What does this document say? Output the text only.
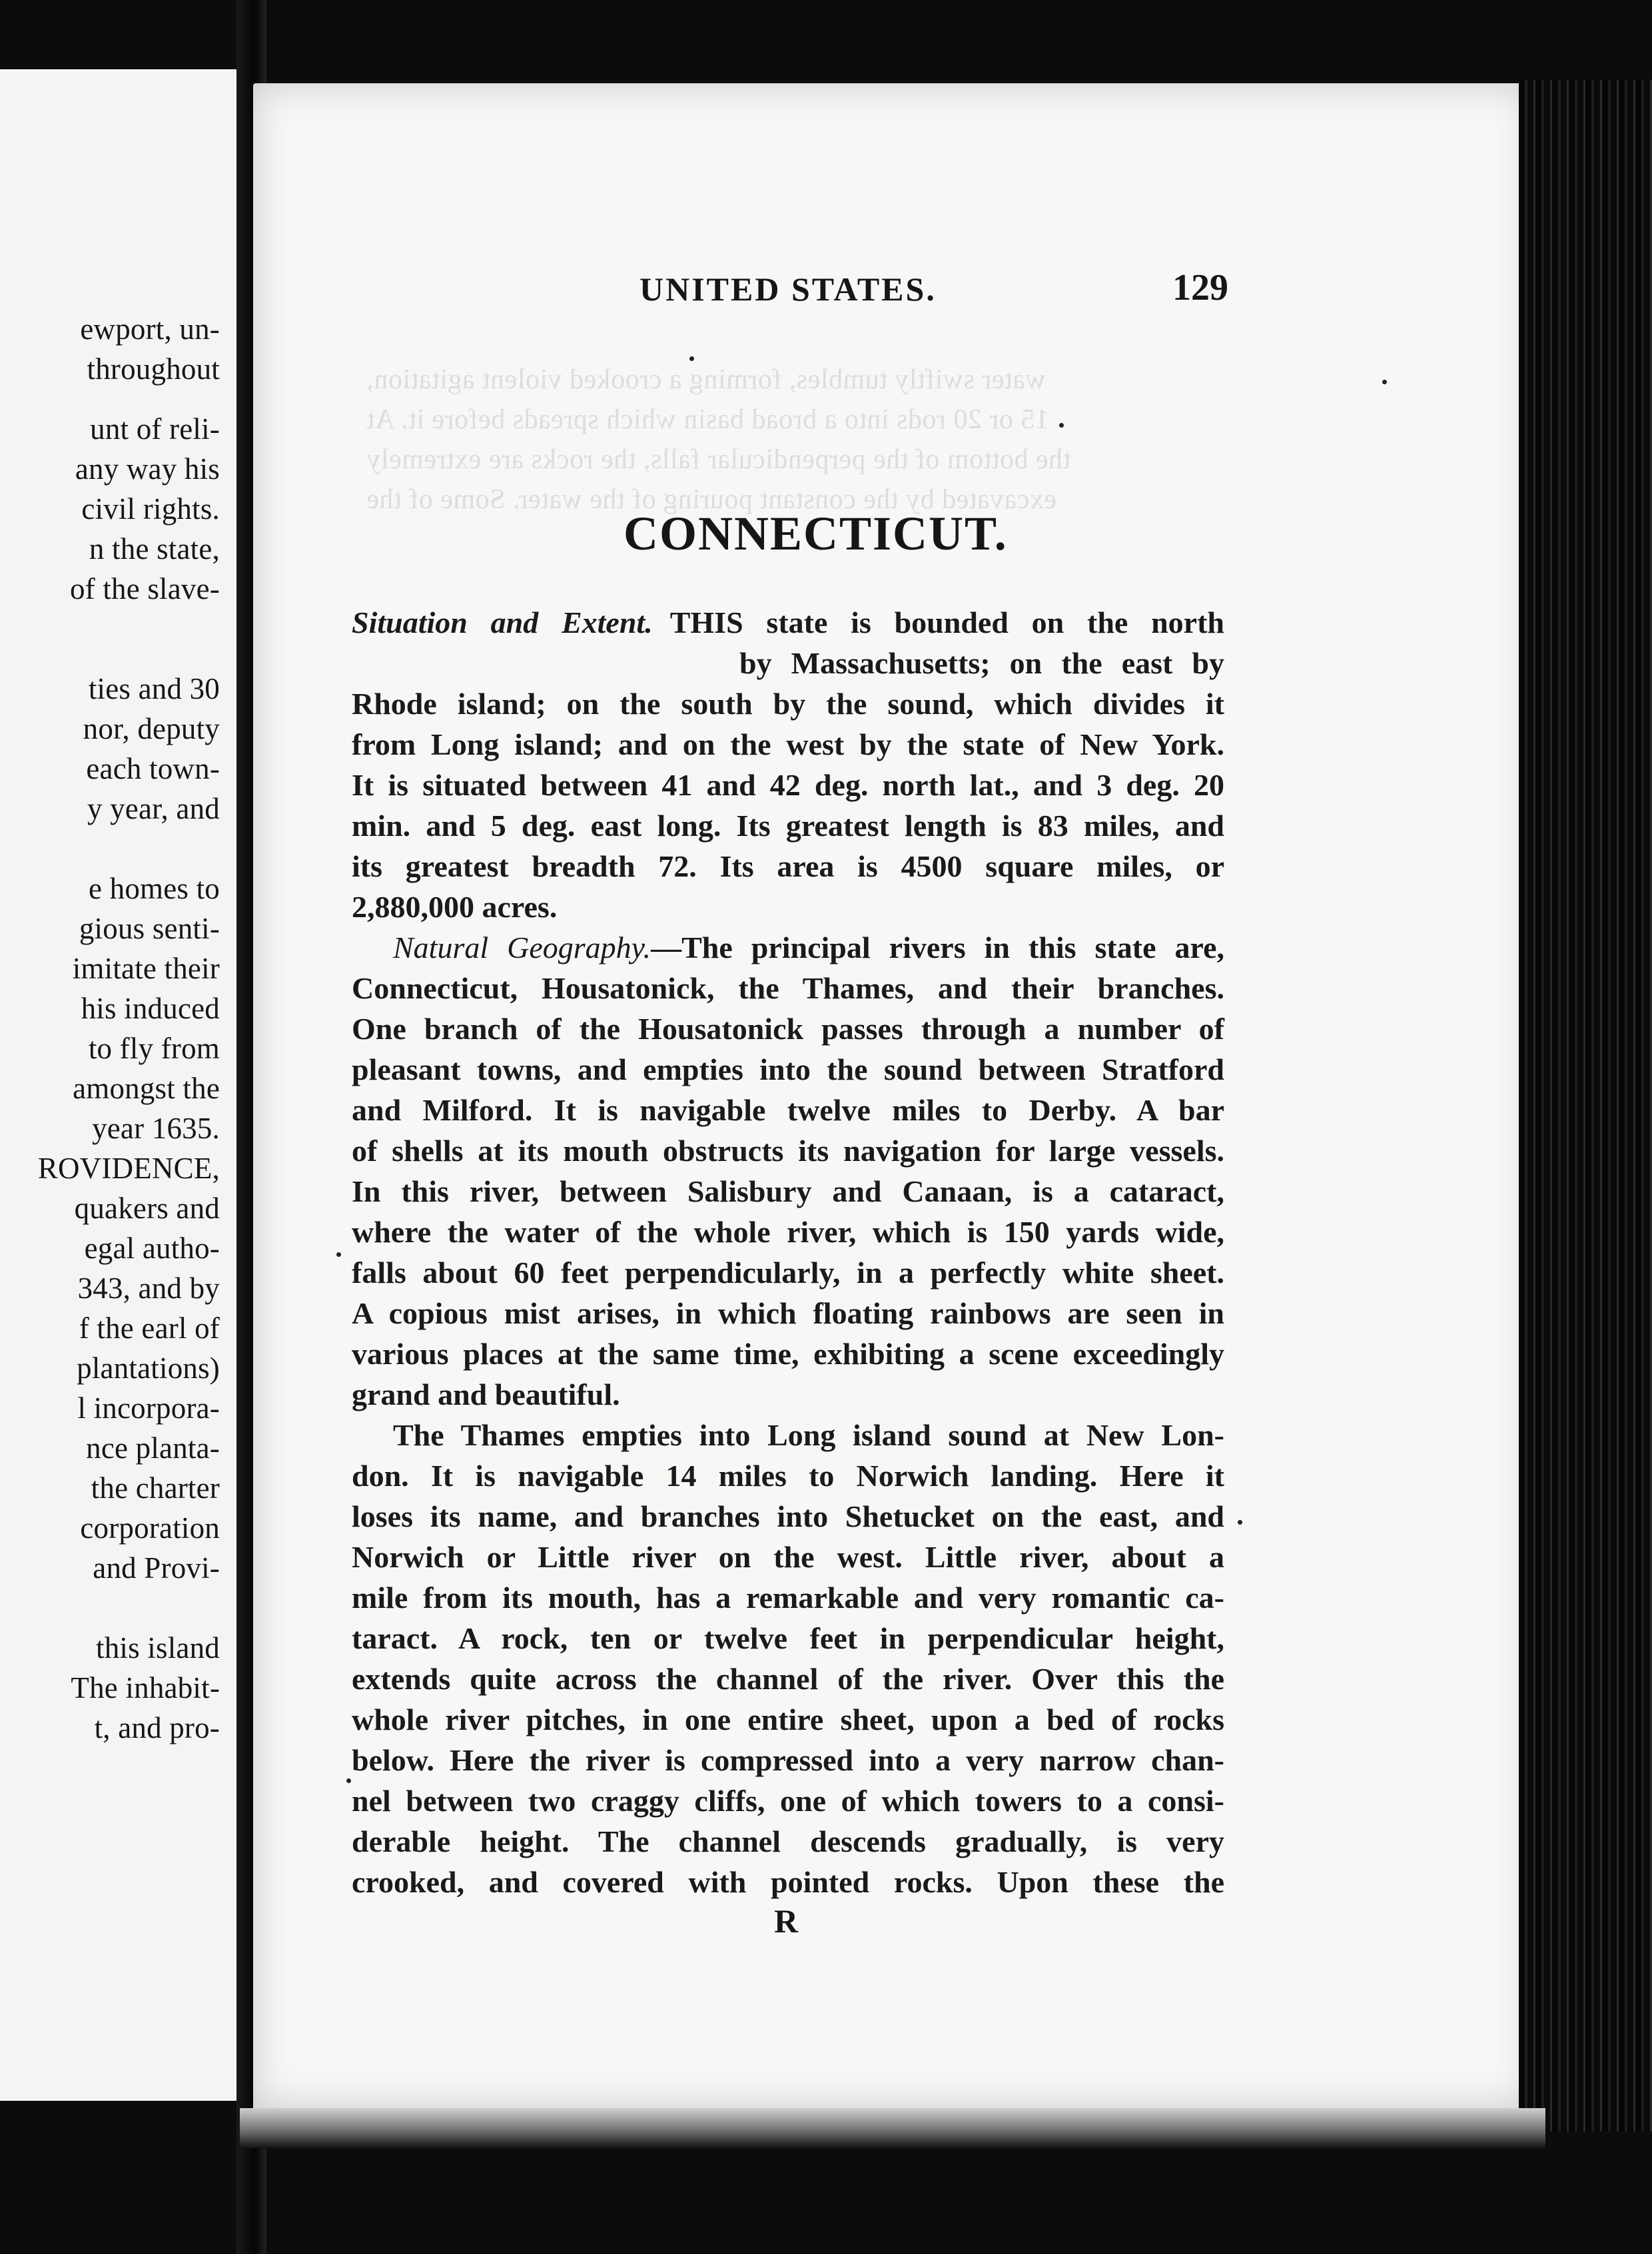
water swiftly tumbles, forming a crooked violent agitation,
15 or 20 rods into a broad basin which spreads before it. At
the bottom of the perpendicular falls, the rocks are extremely
excavated by the constant pouring of the water. Some of the
ewport, un-
throughout
unt of reli-
any way his
civil rights.
n the state,
of the slave-
ties and 30
nor, deputy
each town-
y year, and
e homes to
gious senti-
imitate their
his induced
to fly from
amongst the
year 1635.
ROVIDENCE,
quakers and
egal autho-
343, and by
f the earl of
plantations)
l incorpora-
nce planta-
the charter
corporation
and Provi-
this island
The inhabit-
t, and pro-
UNITED STATES.	129
CONNECTICUT.
Situation and Extent. THIS state is bounded on the north
by Massachusetts; on the east by
Rhode island; on the south by the sound, which divides it
from Long island; and on the west by the state of New York.
It is situated between 41 and 42 deg. north lat., and 3 deg. 20
min. and 5 deg. east long. Its greatest length is 83 miles, and
its greatest breadth 72. Its area is 4500 square miles, or
2,880,000 acres.
Natural Geography.—The principal rivers in this state are,
Connecticut, Housatonick, the Thames, and their branches.
One branch of the Housatonick passes through a number of
pleasant towns, and empties into the sound between Stratford
and Milford. It is navigable twelve miles to Derby. A bar
of shells at its mouth obstructs its navigation for large vessels.
In this river, between Salisbury and Canaan, is a cataract,
where the water of the whole river, which is 150 yards wide,
falls about 60 feet perpendicularly, in a perfectly white sheet.
A copious mist arises, in which floating rainbows are seen in
various places at the same time, exhibiting a scene exceedingly
grand and beautiful.
The Thames empties into Long island sound at New Lon-
don. It is navigable 14 miles to Norwich landing. Here it
loses its name, and branches into Shetucket on the east, and
Norwich or Little river on the west. Little river, about a
mile from its mouth, has a remarkable and very romantic ca-
taract. A rock, ten or twelve feet in perpendicular height,
extends quite across the channel of the river. Over this the
whole river pitches, in one entire sheet, upon a bed of rocks
below. Here the river is compressed into a very narrow chan-
nel between two craggy cliffs, one of which towers to a consi-
derable height. The channel descends gradually, is very
crooked, and covered with pointed rocks. Upon these the
R
